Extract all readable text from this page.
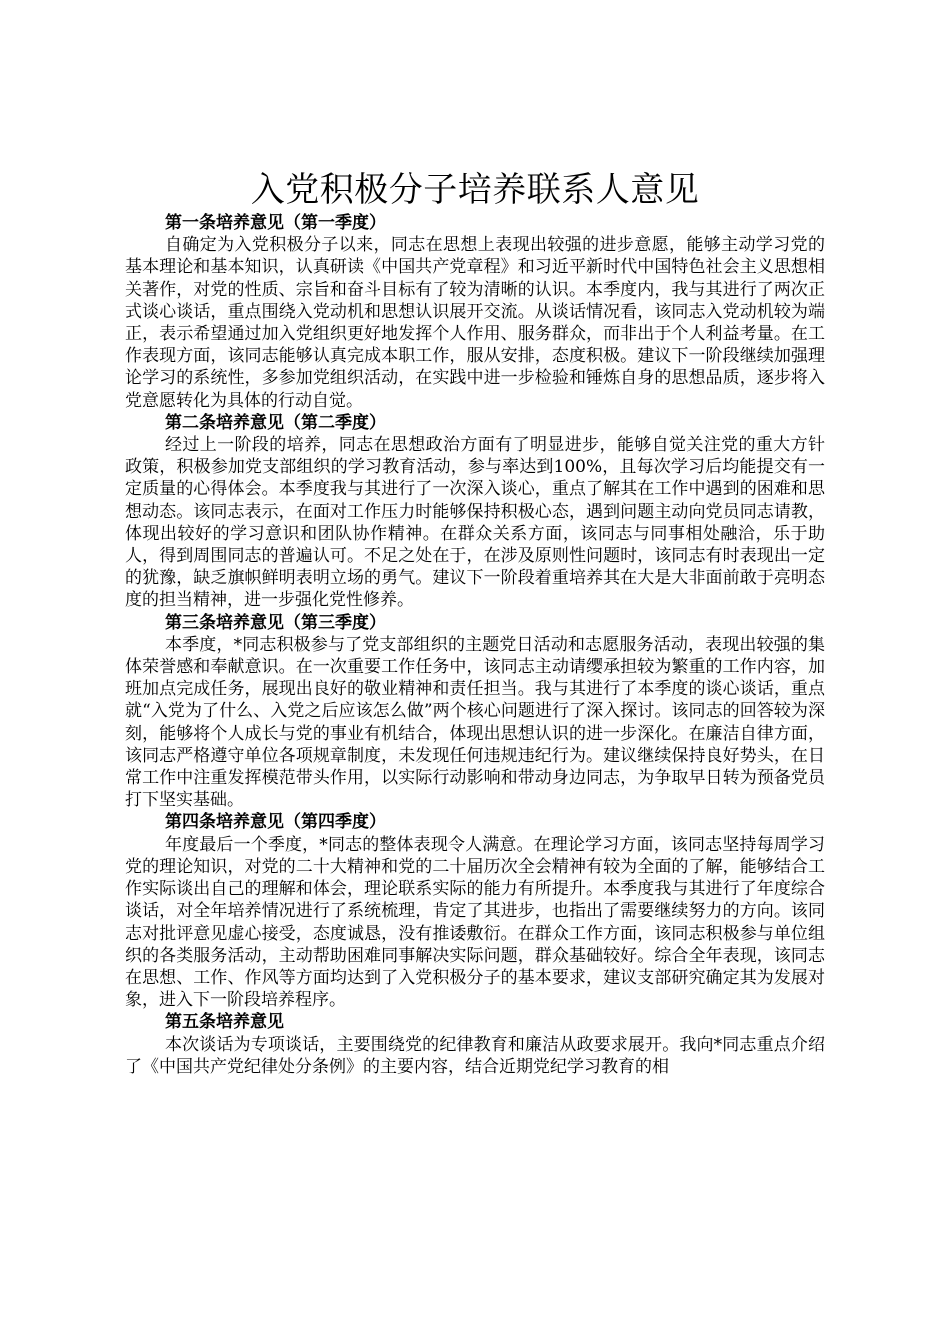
入党积极分子培养联系人意见

第一条培养意见（第一季度）

自确定为入党积极分子以来，同志在思想上表现出较强的进步意愿，能够主动学习党的基本理论和基本知识，认真研读《中国共产党章程》和习近平新时代中国特色社会主义思想相关著作，对党的性质、宗旨和奋斗目标有了较为清晰的认识。本季度内，我与其进行了两次正式谈心谈话，重点围绕入党动机和思想认识展开交流。从谈话情况看，该同志入党动机较为端正，表示希望通过加入党组织更好地发挥个人作用、服务群众，而非出于个人利益考量。在工作表现方面，该同志能够认真完成本职工作，服从安排，态度积极。建议下一阶段继续加强理论学习的系统性，多参加党组织活动，在实践中进一步检验和锤炼自身的思想品质，逐步将入党意愿转化为具体的行动自觉。

第二条培养意见（第二季度）

经过上一阶段的培养，同志在思想政治方面有了明显进步，能够自觉关注党的重大方针政策，积极参加党支部组织的学习教育活动，参与率达到100%，且每次学习后均能提交有一定质量的心得体会。本季度我与其进行了一次深入谈心，重点了解其在工作中遇到的困难和思想动态。该同志表示，在面对工作压力时能够保持积极心态，遇到问题主动向党员同志请教，体现出较好的学习意识和团队协作精神。在群众关系方面，该同志与同事相处融洽，乐于助人，得到周围同志的普遍认可。不足之处在于，在涉及原则性问题时，该同志有时表现出一定的犹豫，缺乏旗帜鲜明表明立场的勇气。建议下一阶段着重培养其在大是大非面前敢于亮明态度的担当精神，进一步强化党性修养。

第三条培养意见（第三季度）

本季度，*同志积极参与了党支部组织的主题党日活动和志愿服务活动，表现出较强的集体荣誉感和奉献意识。在一次重要工作任务中，该同志主动请缨承担较为繁重的工作内容，加班加点完成任务，展现出良好的敬业精神和责任担当。我与其进行了本季度的谈心谈话，重点就“入党为了什么、入党之后应该怎么做”两个核心问题进行了深入探讨。该同志的回答较为深刻，能够将个人成长与党的事业有机结合，体现出思想认识的进一步深化。在廉洁自律方面，该同志严格遵守单位各项规章制度，未发现任何违规违纪行为。建议继续保持良好势头，在日常工作中注重发挥模范带头作用，以实际行动影响和带动身边同志，为争取早日转为预备党员打下坚实基础。

第四条培养意见（第四季度）

年度最后一个季度，*同志的整体表现令人满意。在理论学习方面，该同志坚持每周学习党的理论知识，对党的二十大精神和党的二十届历次全会精神有较为全面的了解，能够结合工作实际谈出自己的理解和体会，理论联系实际的能力有所提升。本季度我与其进行了年度综合谈话，对全年培养情况进行了系统梳理，肯定了其进步，也指出了需要继续努力的方向。该同志对批评意见虚心接受，态度诚恳，没有推诿敷衍。在群众工作方面，该同志积极参与单位组织的各类服务活动，主动帮助困难同事解决实际问题，群众基础较好。综合全年表现，该同志在思想、工作、作风等方面均达到了入党积极分子的基本要求，建议支部研究确定其为发展对象，进入下一阶段培养程序。

第五条培养意见

本次谈话为专项谈话，主要围绕党的纪律教育和廉洁从政要求展开。我向*同志重点介绍了《中国共产党纪律处分条例》的主要内容，结合近期党纪学习教育的相
